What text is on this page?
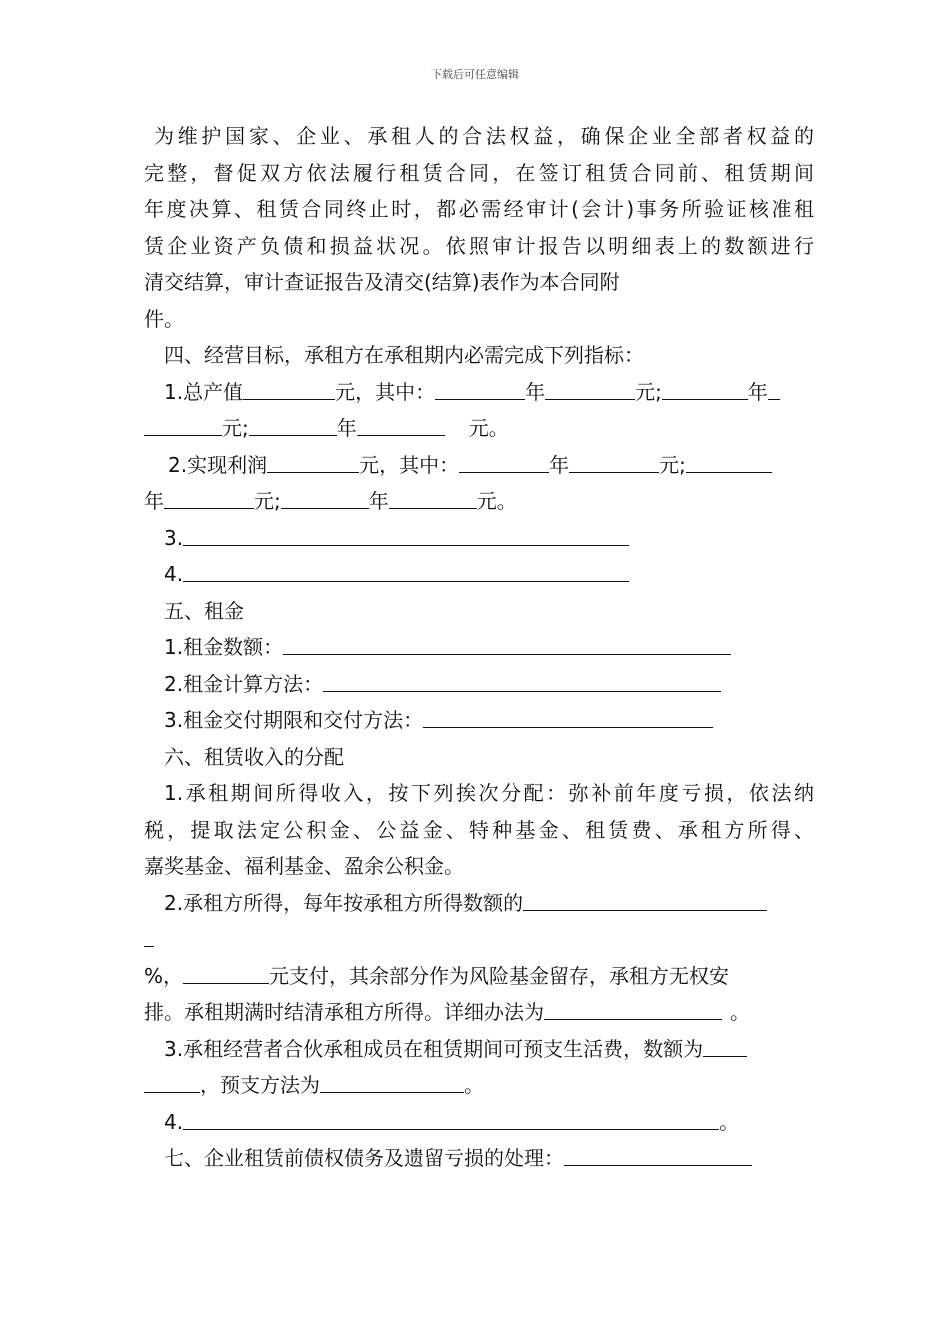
下载后可任意编辑
为维护国家、企业、承租人的合法权益，确保企业全部者权益的
完整，督促双方依法履行租赁合同，在签订租赁合同前、租赁期间
年度决算、租赁合同终止时，都必需经审计(会计)事务所验证核准租
赁企业资产负债和损益状况。依照审计报告以明细表上的数额进行
清交结算，审计查证报告及清交(结算)表作为本合同附
件。
四、经营目标，承租方在承租期内必需完成下列指标：
1.总产值	元，其中：	年	元;	年
元;	年	元。
2.实现利润	元，其中：	年	元;
年	元;	年	元。
3.
4.
五、租金
1.租金数额：
2.租金计算方法：
3.租金交付期限和交付方法：
六、租赁收入的分配
1.承租期间所得收入，按下列挨次分配：弥补前年度亏损，依法纳
税，提取法定公积金、公益金、特种基金、租赁费、承租方所得、
嘉奖基金、福利基金、盈余公积金。
2.承租方所得，每年按承租方所得数额的
%，	元支付，其余部分作为风险基金留存，承租方无权安
排。承租期满时结清承租方所得。详细办法为	。
3.承租经营者合伙承租成员在租赁期间可预支生活费，数额为
，预支方法为	。
4.	。
七、企业租赁前债权债务及遗留亏损的处理：
